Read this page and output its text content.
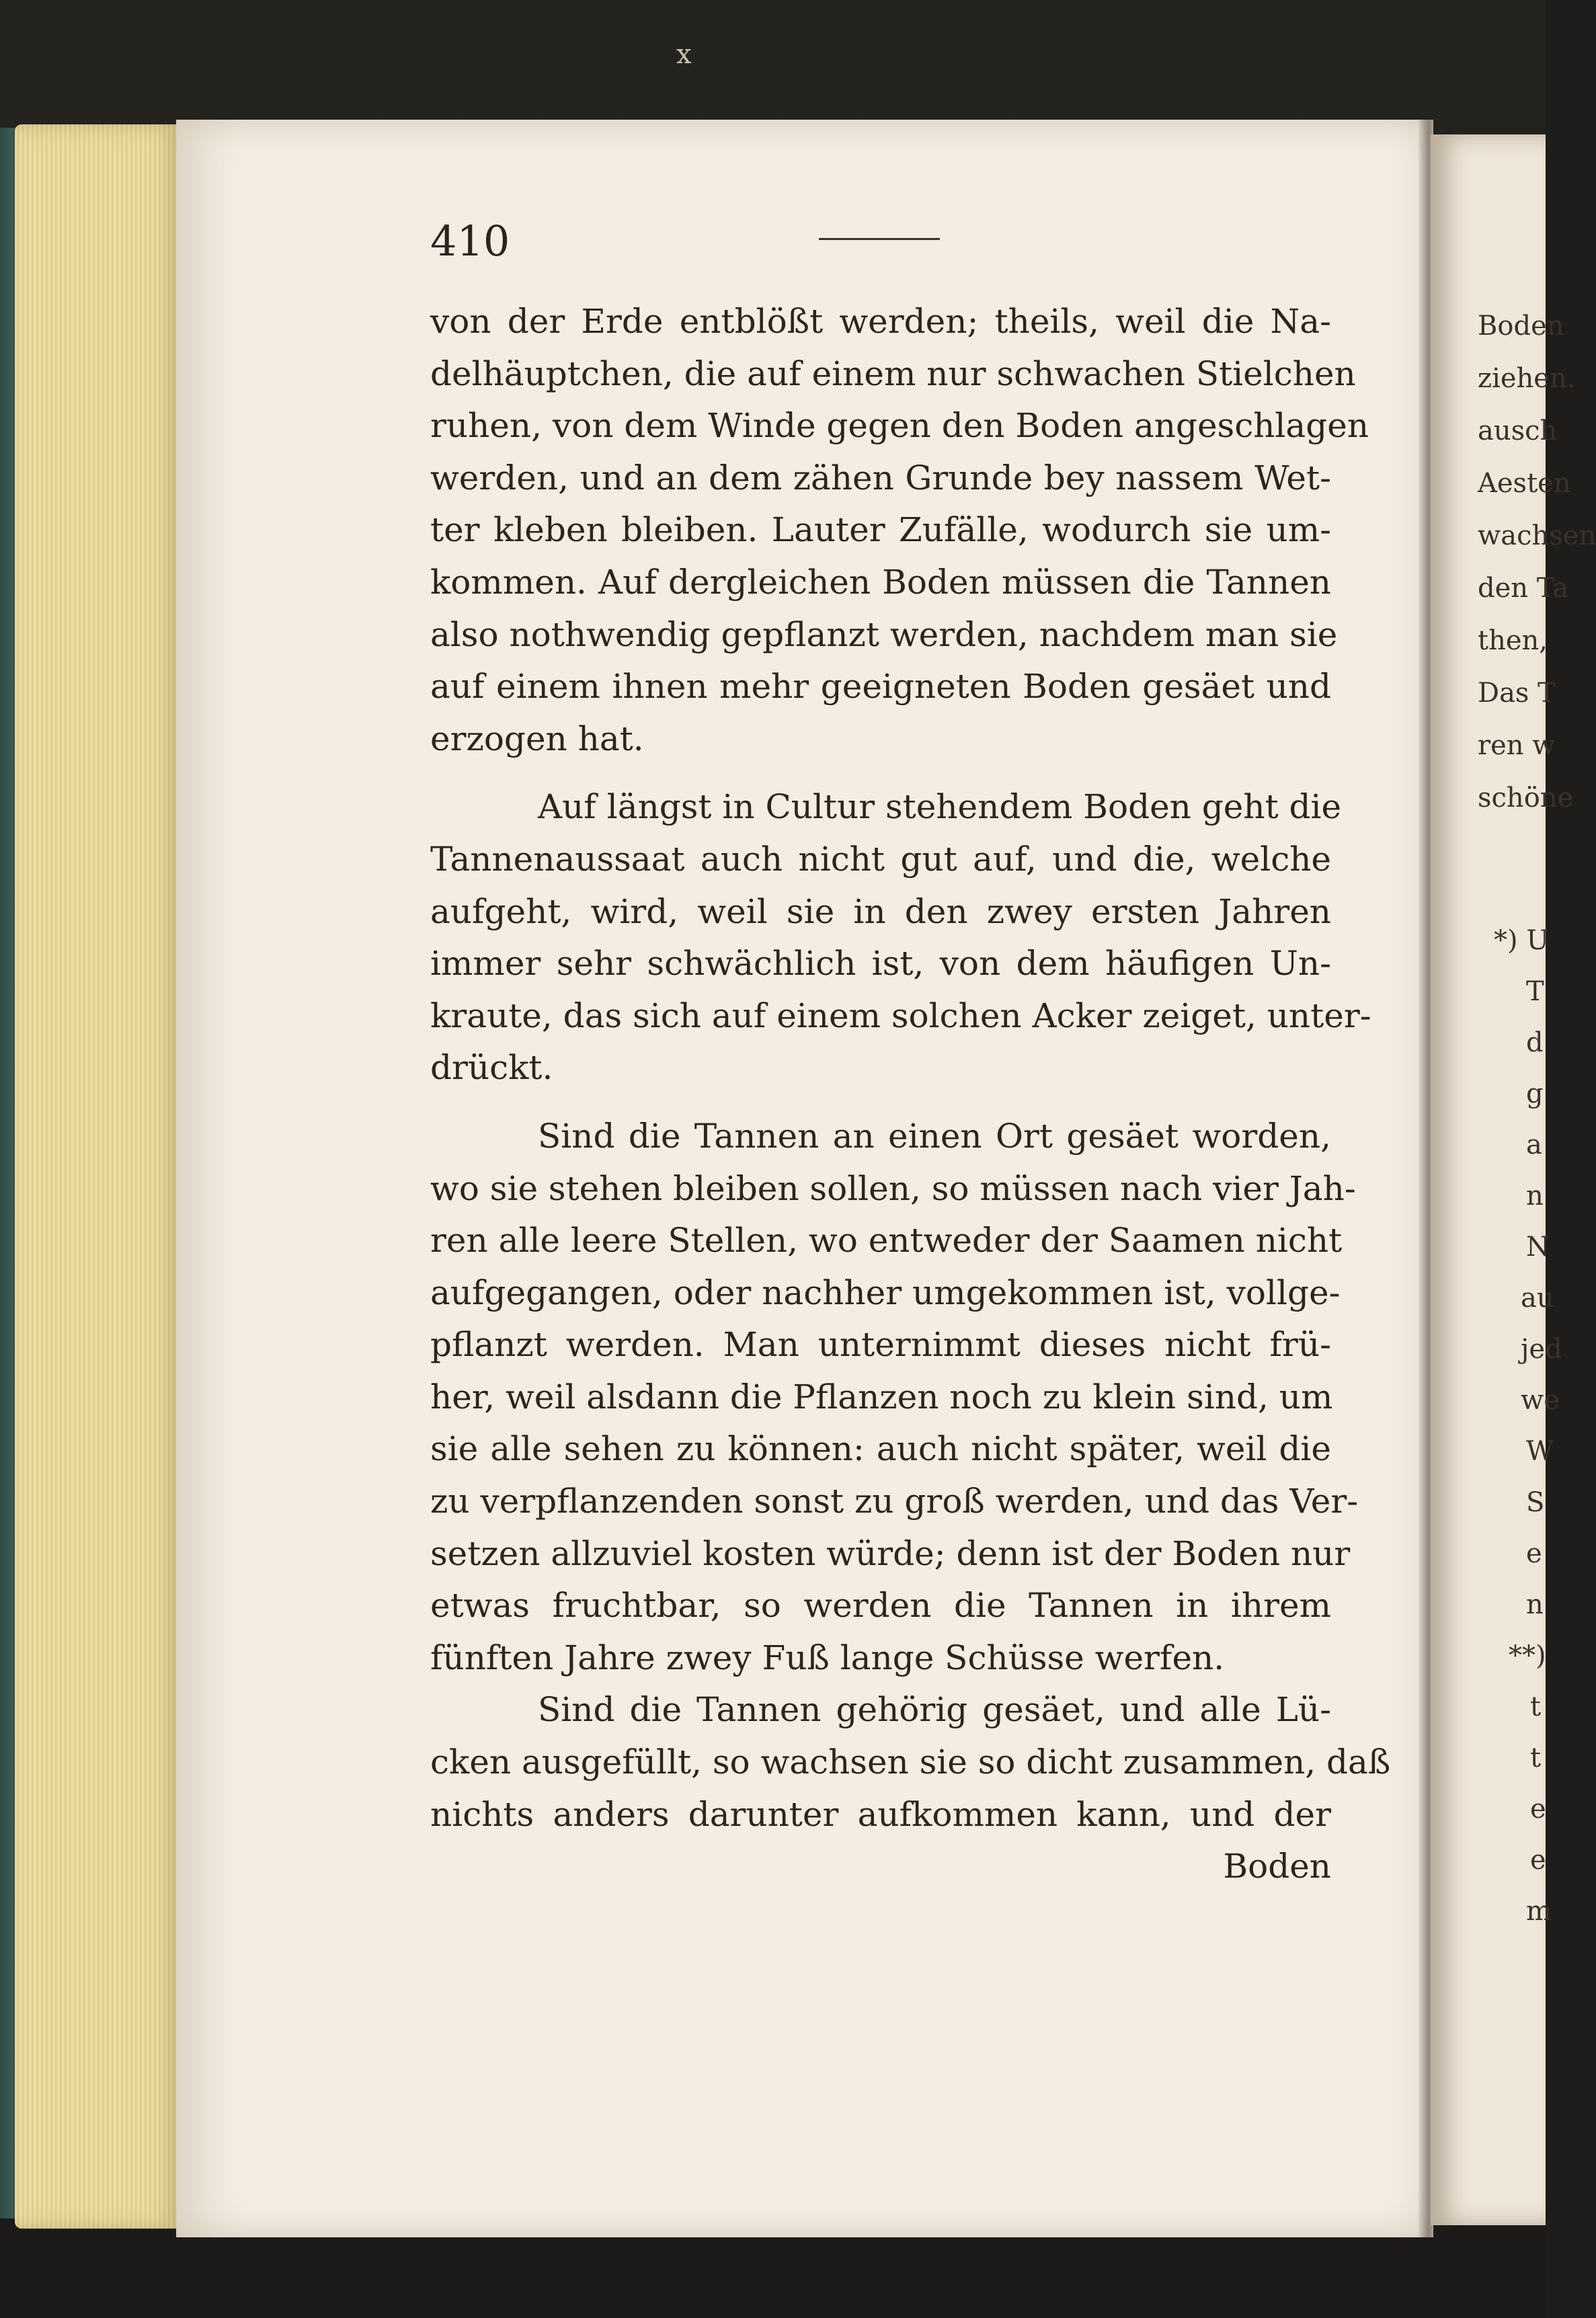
x
410
von der Erde entblößt werden; theils, weil die Na-
delhäuptchen, die auf einem nur schwachen Stielchen
ruhen, von dem Winde gegen den Boden angeschlagen
werden, und an dem zähen Grunde bey nassem Wet-
ter kleben bleiben. Lauter Zufälle, wodurch sie um-
kommen. Auf dergleichen Boden müssen die Tannen
also nothwendig gepflanzt werden, nachdem man sie
auf einem ihnen mehr geeigneten Boden gesäet und
erzogen hat.
Auf längst in Cultur stehendem Boden geht die
Tannenaussaat auch nicht gut auf, und die, welche
aufgeht, wird, weil sie in den zwey ersten Jahren
immer sehr schwächlich ist, von dem häufigen Un-
kraute, das sich auf einem solchen Acker zeiget, unter-
drückt.
Sind die Tannen an einen Ort gesäet worden,
wo sie stehen bleiben sollen, so müssen nach vier Jah-
ren alle leere Stellen, wo entweder der Saamen nicht
aufgegangen, oder nachher umgekommen ist, vollge-
pflanzt werden. Man unternimmt dieses nicht frü-
her, weil alsdann die Pflanzen noch zu klein sind, um
sie alle sehen zu können: auch nicht später, weil die
zu verpflanzenden sonst zu groß werden, und das Ver-
setzen allzuviel kosten würde; denn ist der Boden nur
etwas fruchtbar, so werden die Tannen in ihrem
fünften Jahre zwey Fuß lange Schüsse werfen.
Sind die Tannen gehörig gesäet, und alle Lü-
cken ausgefüllt, so wachsen sie so dicht zusammen, daß
nichts anders darunter aufkommen kann, und der
Boden
Boden
ziehen.
ausch
Aesten
wachsen
den Ta
then,
Das T
ren w
schöne
*) U
T
d
g
a
n
N
au
jed
we
W
S
e
n
**)
t
t
e
e
m
